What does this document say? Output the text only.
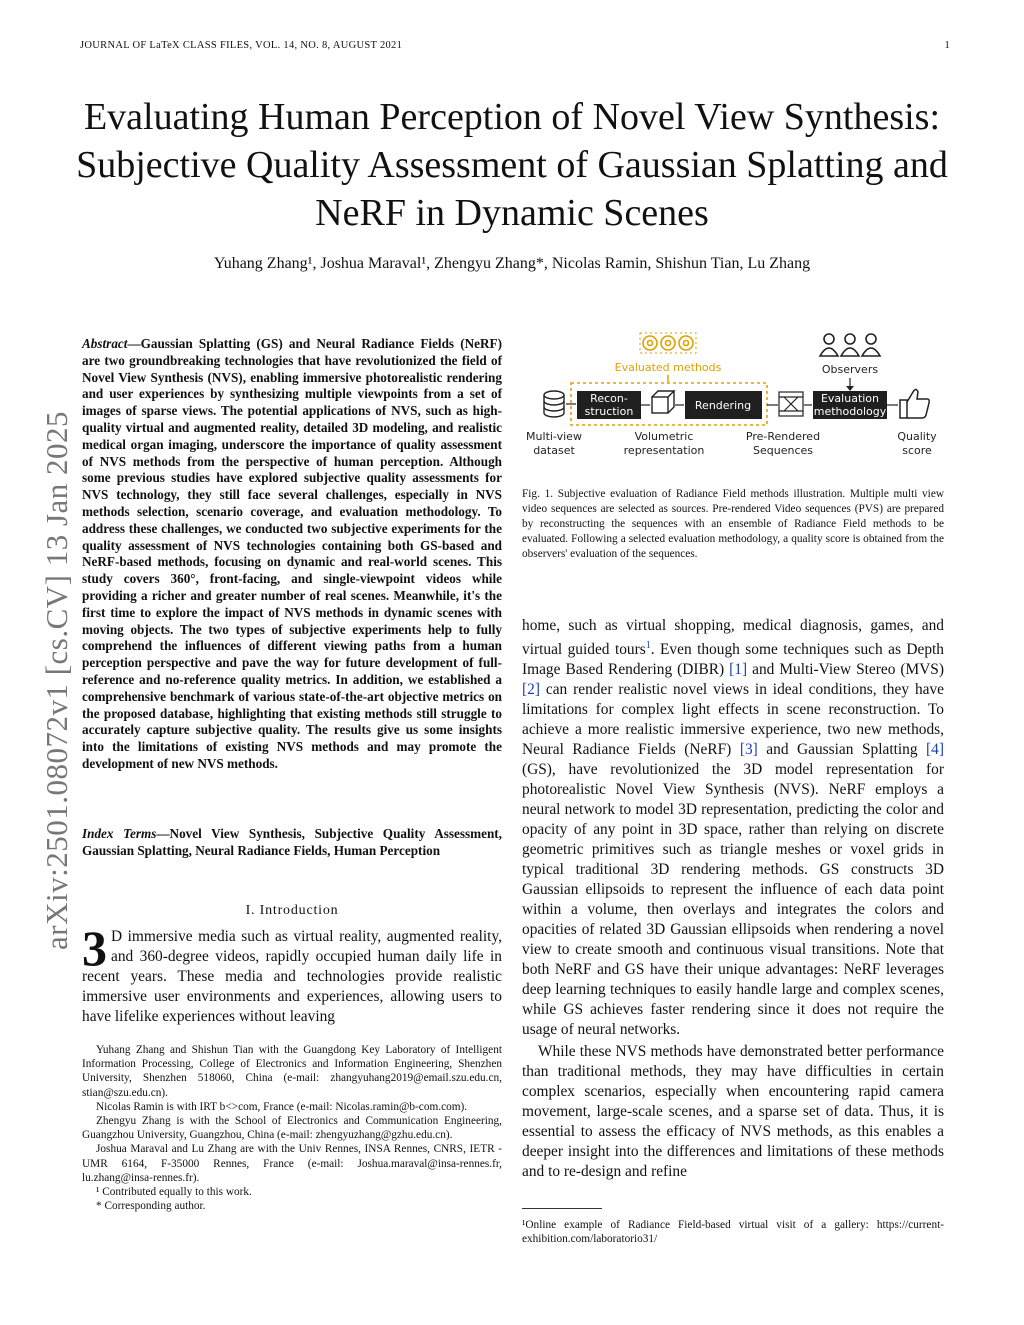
JOURNAL OF LaTeX CLASS FILES, VOL. 14, NO. 8, AUGUST 2021	1
arXiv:2501.08072v1 [cs.CV] 13 Jan 2025
Evaluating Human Perception of Novel View Synthesis: Subjective Quality Assessment of Gaussian Splatting and NeRF in Dynamic Scenes
Yuhang Zhang¹, Joshua Maraval¹, Zhengyu Zhang*, Nicolas Ramin, Shishun Tian, Lu Zhang
Abstract—Gaussian Splatting (GS) and Neural Radiance Fields (NeRF) are two groundbreaking technologies that have revolutionized the field of Novel View Synthesis (NVS), enabling immersive photorealistic rendering and user experiences by synthesizing multiple viewpoints from a set of images of sparse views. The potential applications of NVS, such as high-quality virtual and augmented reality, detailed 3D modeling, and realistic medical organ imaging, underscore the importance of quality assessment of NVS methods from the perspective of human perception. Although some previous studies have explored subjective quality assessments for NVS technology, they still face several challenges, especially in NVS methods selection, scenario coverage, and evaluation methodology. To address these challenges, we conducted two subjective experiments for the quality assessment of NVS technologies containing both GS-based and NeRF-based methods, focusing on dynamic and real-world scenes. This study covers 360°, front-facing, and single-viewpoint videos while providing a richer and greater number of real scenes. Meanwhile, it's the first time to explore the impact of NVS methods in dynamic scenes with moving objects. The two types of subjective experiments help to fully comprehend the influences of different viewing paths from a human perception perspective and pave the way for future development of full-reference and no-reference quality metrics. In addition, we established a comprehensive benchmark of various state-of-the-art objective metrics on the proposed database, highlighting that existing methods still struggle to accurately capture subjective quality. The results give us some insights into the limitations of existing NVS methods and may promote the development of new NVS methods.
Index Terms—Novel View Synthesis, Subjective Quality Assessment, Gaussian Splatting, Neural Radiance Fields, Human Perception
I. Introduction
3 D immersive media such as virtual reality, augmented reality, and 360-degree videos, rapidly occupied human daily life in recent years. These media and technologies provide realistic immersive user environments and experiences, allowing users to have lifelike experiences without leaving

Yuhang Zhang and Shishun Tian with the Guangdong Key Laboratory of Intelligent Information Processing, College of Electronics and Information Engineering, Shenzhen University, Shenzhen 518060, China (e-mail: zhangyuhang2019@email.szu.edu.cn, stian@szu.edu.cn).

Nicolas Ramin is with IRT b<>com, France (e-mail: Nicolas.ramin@b-com.com).

Zhengyu Zhang is with the School of Electronics and Communication Engineering, Guangzhou University, Guangzhou, China (e-mail: zhengyuzhang@gzhu.edu.cn).

Joshua Maraval and Lu Zhang are with the Univ Rennes, INSA Rennes, CNRS, IETR - UMR 6164, F-35000 Rennes, France (e-mail: Joshua.maraval@insa-rennes.fr, lu.zhang@insa-rennes.fr).

¹ Contributed equally to this work.

* Corresponding author.

Evaluated methods	Observers
Recon-
struction	Rendering
Evaluation
methodology
Multi-view
dataset
Volumetric
representation
Pre-Rendered
Sequences
Quality
score
Fig. 1. Subjective evaluation of Radiance Field methods illustration. Multiple multi view video sequences are selected as sources. Pre-rendered Video sequences (PVS) are prepared by reconstructing the sequences with an ensemble of Radiance Field methods to be evaluated. Following a selected evaluation methodology, a quality score is obtained from the observers' evaluation of the sequences.

home, such as virtual shopping, medical diagnosis, games, and virtual guided tours$^1$. Even though some techniques such as Depth Image Based Rendering (DIBR) [1] and Multi-View Stereo (MVS) [2] can render realistic novel views in ideal conditions, they have limitations for complex light effects in scene reconstruction. To achieve a more realistic immersive experience, two new methods, Neural Radiance Fields (NeRF) [3] and Gaussian Splatting [4] (GS), have revolutionized the 3D model representation for photorealistic Novel View Synthesis (NVS). NeRF employs a neural network to model 3D representation, predicting the color and opacity of any point in 3D space, rather than relying on discrete geometric primitives such as triangle meshes or voxel grids in typical traditional 3D rendering methods. GS constructs 3D Gaussian ellipsoids to represent the influence of each data point within a volume, then overlays and integrates the colors and opacities of related 3D Gaussian ellipsoids when rendering a novel view to create smooth and continuous visual transitions. Note that both NeRF and GS have their unique advantages: NeRF leverages deep learning techniques to easily handle large and complex scenes, while GS achieves faster rendering since it does not require the usage of neural networks.

While these NVS methods have demonstrated better performance than traditional methods, they may have difficulties in certain complex scenarios, especially when encountering rapid camera movement, large-scale scenes, and a sparse set of data. Thus, it is essential to assess the efficacy of NVS methods, as this enables a deeper insight into the differences and limitations of these methods and to re-design and refine

¹Online example of Radiance Field-based virtual visit of a gallery: https://current-exhibition.com/laboratorio31/
